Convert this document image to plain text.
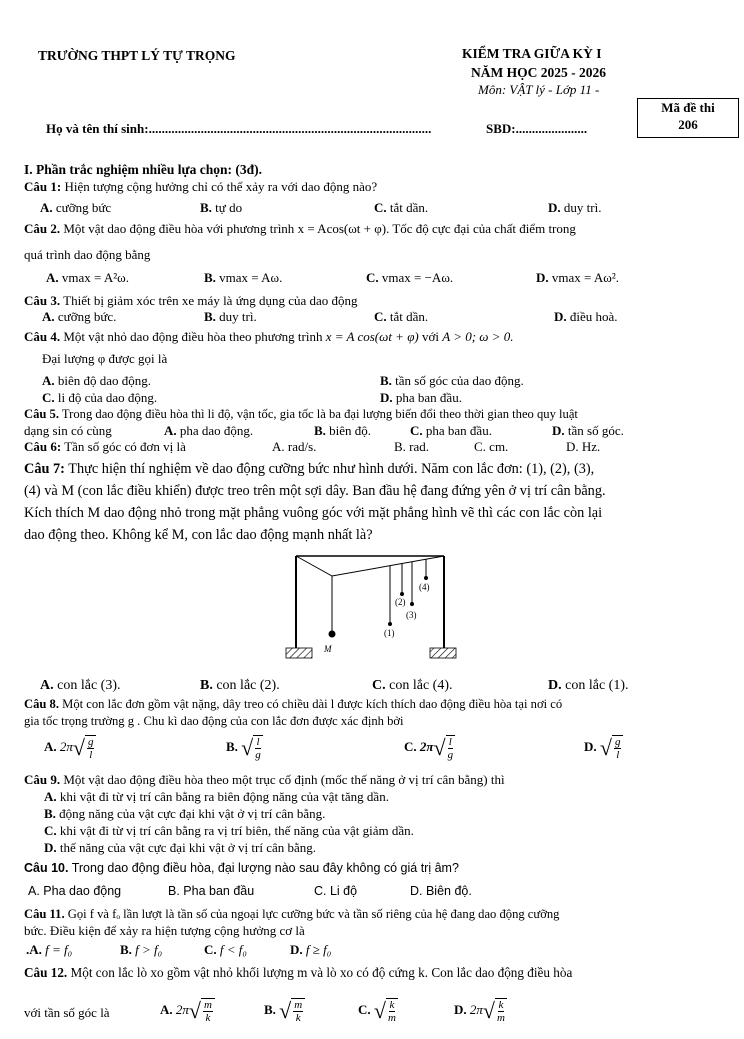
TRƯỜNG THPT LÝ TỰ TRỌNG	KIỂM TRA GIỮA KỲ I
NĂM HỌC 2025 - 2026
Môn: VẬT lý - Lớp 11 -
Mã đề thi
206
Họ và tên thí sinh:.......................................................................................	SBD:......................
I. Phần trắc nghiệm nhiều lựa chọn: (3đ).
Câu 1: Hiện tượng cộng hưởng chỉ có thể xảy ra với dao động nào?
A. cưỡng bức	B. tự do	C. tắt dần.	D. duy trì.
Câu 2. Một vật dao động điều hòa với phương trình x = Acos(ωt + φ). Tốc độ cực đại của chất điểm trong
quá trình dao động bằng
A. vmax = A²ω.	B. vmax = Aω.	C. vmax = −Aω.	D. vmax = Aω².
Câu 3. Thiết bị giảm xóc trên xe máy là ứng dụng của dao động
A. cưỡng bức.	B. duy trì.	C. tắt dần.	D. điều hoà.
Câu 4. Một vật nhỏ dao động điều hòa theo phương trình x = A cos(ωt + φ) với A > 0; ω > 0.
Đại lượng φ được gọi là
A. biên độ dao động.	B. tần số góc của dao động.
C. li độ của dao động.	D. pha ban đầu.
Câu 5. Trong dao động điều hòa thì li độ, vận tốc, gia tốc là ba đại lượng biến đổi theo thời gian theo quy luật
dạng sin có cùng	A. pha dao động.	B. biên độ.	C. pha ban đầu.	D. tần số góc.
Câu 6: Tần số góc có đơn vị là	A. rad/s.	B. rad.	C. cm.	D. Hz.
Câu 7: Thực hiện thí nghiệm về dao động cưỡng bức như hình dưới. Năm con lắc đơn: (1), (2), (3),
(4) và M (con lắc điều khiển) được treo trên một sợi dây. Ban đầu hệ đang đứng yên ở vị trí cân bằng.
Kích thích M dao động nhỏ trong mặt phẳng vuông góc với mặt phẳng hình vẽ thì các con lắc còn lại
dao động theo. Không kể M, con lắc dao động mạnh nhất là?
M
(1)
(2)
(3)
(4)
A. con lắc (3).	B. con lắc (2).	C. con lắc (4).	D. con lắc (1).
Câu 8. Một con lắc đơn gồm vật nặng, dây treo có chiều dài l được kích thích dao động điều hòa tại nơi có
gia tốc trọng trường g . Chu kì dao động của con lắc đơn được xác định bởi
A. 2π √ $\frac{g}{l}$	B. √ $\frac{l}{g}$	C. 2π √ $\frac{l}{g}$	D. √ $\frac{g}{l}$
Câu 9. Một vật dao động điều hòa theo một trục cố định (mốc thế năng ở vị trí cân bằng) thì
A. khi vật đi từ vị trí cân bằng ra biên động năng của vật tăng dần.
B. động năng của vật cực đại khi vật ở vị trí cân bằng.
C. khi vật đi từ vị trí cân bằng ra vị trí biên, thế năng của vật giảm dần.
D. thế năng của vật cực đại khi vật ở vị trí cân bằng.
Câu 10. Trong dao động điều hòa, đại lượng nào sau đây không có giá trị âm?
A. Pha dao động	B. Pha ban đầu	C. Li độ	D. Biên độ.
Câu 11. Gọi f và fₒ lần lượt là tần số của ngoại lực cưỡng bức và tần số riêng của hệ đang dao động cưỡng
bức. Điều kiện để xảy ra hiện tượng cộng hưởng cơ là
.A. f = f₀	B. f > f₀	C. f < f₀	D. f ≥ f₀
Câu 12. Một con lắc lò xo gồm vật nhỏ khối lượng m và lò xo có độ cứng k. Con lắc dao động điều hòa
với tần số góc là	A. 2π √ $\frac{m}{k}$	B. √ $\frac{m}{k}$	C. √ $\frac{k}{m}$	D. 2π √ $\frac{k}{m}$
